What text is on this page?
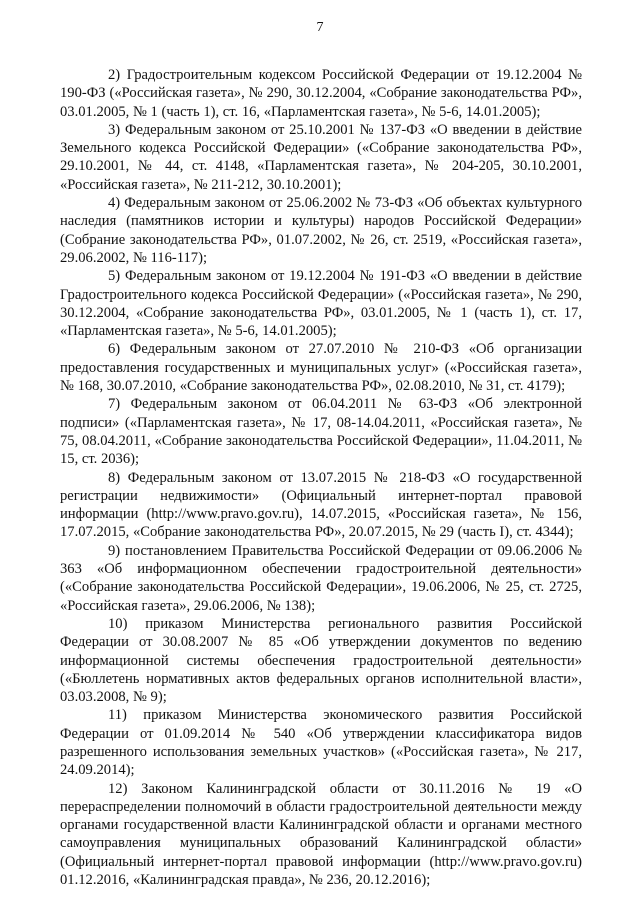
7

2) Градостроительным кодексом Российской Федерации от 19.12.2004 № 190-ФЗ («Российская газета», № 290, 30.12.2004, «Собрание законодательства РФ», 03.01.2005, № 1 (часть 1), ст. 16, «Парламентская газета», № 5-6, 14.01.2005);

3) Федеральным законом от 25.10.2001 № 137-ФЗ «О введении в действие Земельного кодекса Российской Федерации» («Собрание законодательства РФ», 29.10.2001, № 44, ст. 4148, «Парламентская газета», № 204-205, 30.10.2001, «Российская газета», № 211-212, 30.10.2001);

4) Федеральным законом от 25.06.2002 № 73-ФЗ «Об объектах культурного наследия (памятников истории и культуры) народов Российской Федерации» (Собрание законодательства РФ», 01.07.2002, № 26, ст. 2519, «Российская газета», 29.06.2002, № 116-117);

5) Федеральным законом от 19.12.2004 № 191-ФЗ «О введении в действие Градостроительного кодекса Российской Федерации» («Российская газета», № 290, 30.12.2004, «Собрание законодательства РФ», 03.01.2005, № 1 (часть 1), ст. 17, «Парламентская газета», № 5-6, 14.01.2005);

6) Федеральным законом от 27.07.2010 № 210-ФЗ «Об организации предоставления государственных и муниципальных услуг» («Российская газета», № 168, 30.07.2010, «Собрание законодательства РФ», 02.08.2010, № 31, ст. 4179);

7) Федеральным законом от 06.04.2011 № 63-ФЗ «Об электронной подписи» («Парламентская газета», № 17, 08-14.04.2011, «Российская газета», № 75, 08.04.2011, «Собрание законодательства Российской Федерации», 11.04.2011, № 15, ст. 2036);

8) Федеральным законом от 13.07.2015 № 218-ФЗ «О государственной регистрации недвижимости» (Официальный интернет-портал правовой информации (http://www.pravo.gov.ru), 14.07.2015, «Российская газета», № 156, 17.07.2015, «Собрание законодательства РФ», 20.07.2015, № 29 (часть I), ст. 4344);

9) постановлением Правительства Российской Федерации от 09.06.2006 № 363 «Об информационном обеспечении градостроительной деятельности» («Собрание законодательства Российской Федерации», 19.06.2006, № 25, ст. 2725, «Российская газета», 29.06.2006, № 138);

10) приказом Министерства регионального развития Российской Федерации от 30.08.2007 № 85 «Об утверждении документов по ведению информационной системы обеспечения градостроительной деятельности» («Бюллетень нормативных актов федеральных органов исполнительной власти», 03.03.2008, № 9);

11) приказом Министерства экономического развития Российской Федерации от 01.09.2014 № 540 «Об утверждении классификатора видов разрешенного использования земельных участков» («Российская газета», № 217, 24.09.2014);

12) Законом Калининградской области от 30.11.2016 № 19 «О перераспределении полномочий в области градостроительной деятельности между органами государственной власти Калининградской области и органами местного самоуправления муниципальных образований Калининградской области» (Официальный интернет-портал правовой информации (http://www.pravo.gov.ru) 01.12.2016, «Калининградская правда», № 236, 20.12.2016);
